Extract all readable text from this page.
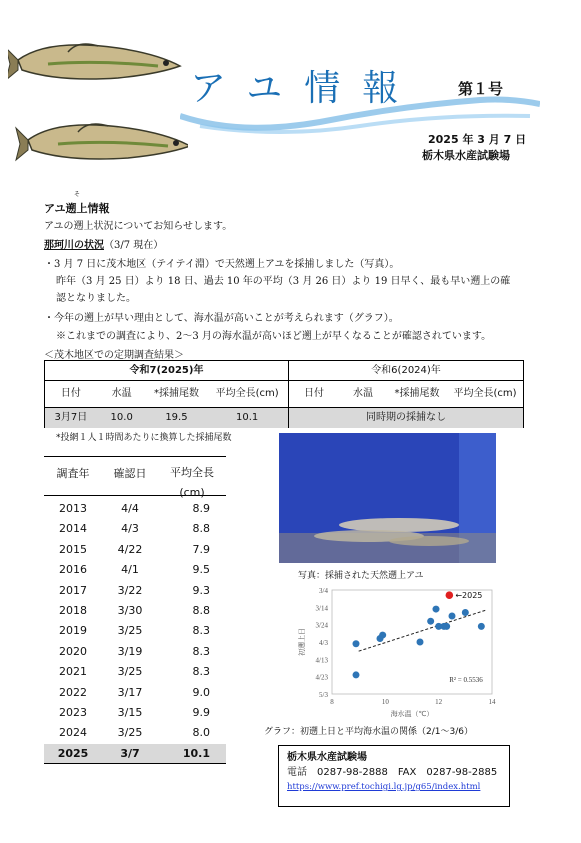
アユ情報	第１号
2025 年 3 月 7 日
栃木県水産試験場
そ
アユ遡上情報
アユの遡上状況についてお知らせします。
那珂川の状況（3/7 現在）
・3 月 7 日に茂木地区（テイテイ淵）で天然遡上アユを採捕しました（写真）。
昨年（3 月 25 日）より 18 日、過去 10 年の平均（3 月 26 日）より 19 日早く、最も早い遡上の確
認となりました。
・今年の遡上が早い理由として、海水温が高いことが考えられます（グラフ）。
※これまでの調査により、2～3 月の海水温が高いほど遡上が早くなることが確認されています。
＜茂木地区での定期調査結果＞
令和7(2025)年
日付	水温	*採捕尾数	平均全長(cm)
3月7日	10.0	19.5	10.1
令和6(2024)年
日付	水温	*採捕尾数	平均全長(cm)
同時期の採捕なし
*投網１人１時間あたりに換算した採捕尾数
調査年	確認日	平均全長
(cm)
2013	4/4	8.9
2014	4/3	8.8
2015	4/22	7.9
2016	4/1	9.5
2017	3/22	9.3
2018	3/30	8.8
2019	3/25	8.3
2020	3/19	8.3
2021	3/25	8.3
2022	3/17	9.0
2023	3/15	9.9
2024	3/25	8.0
2025	3/7	10.1
写真：採捕された天然遡上アユ
3/4
3/14
3/24
4/3
4/13
4/23
5/3
8	10	12	14
海水温（℃）
初遡上日
←2025
R² = 0.5536
グラフ：初遡上日と平均海水温の関係（2/1～3/6）
栃木県水産試験場
電話　0287-98-2888　FAX　0287-98-2885
https://www.pref.tochigi.lg.jp/g65/index.html
